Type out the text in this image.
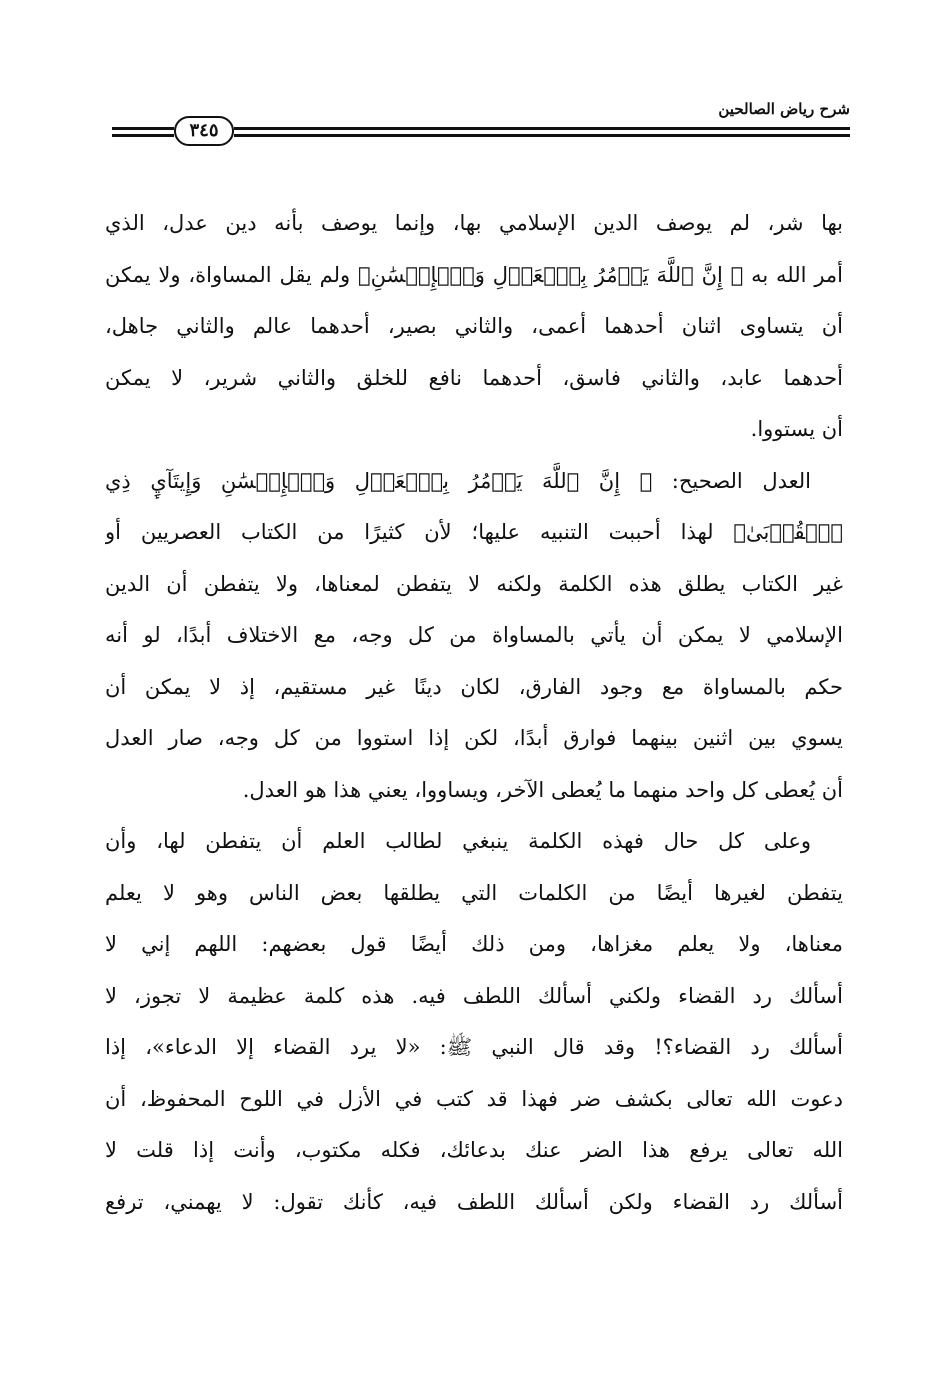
شرح رياض الصالحين
٣٤٥
بها شر، لم يوصف الدين الإسلامي بها، وإنما يوصف بأنه دين عدل، الذي
أمر الله به ﴿ إِنَّ ٱللَّهَ يَأۡمُرُ بِٱلۡعَدۡلِ وَٱلۡإِحۡسَٰنِ﴾ ولم يقل المساواة، ولا يمكن
أن يتساوى اثنان أحدهما أعمى، والثاني بصير، أحدهما عالم والثاني جاهل،
أحدهما عابد، والثاني فاسق، أحدهما نافع للخلق والثاني شرير، لا يمكن
أن يستووا.
العدل الصحيح: ﴿ إِنَّ ٱللَّهَ يَأۡمُرُ بِٱلۡعَدۡلِ وَٱلۡإِحۡسَٰنِ وَإِيتَآيِٕ ذِي
ٱلۡقُرۡبَىٰ﴾ لهذا أحببت التنبيه عليها؛ لأن كثيرًا من الكتاب العصريين أو
غير الكتاب يطلق هذه الكلمة ولكنه لا يتفطن لمعناها، ولا يتفطن أن الدين
الإسلامي لا يمكن أن يأتي بالمساواة من كل وجه، مع الاختلاف أبدًا، لو أنه
حكم بالمساواة مع وجود الفارق، لكان دينًا غير مستقيم، إذ لا يمكن أن
يسوي بين اثنين بينهما فوارق أبدًا، لكن إذا استووا من كل وجه، صار العدل
أن يُعطى كل واحد منهما ما يُعطى الآخر، ويساووا، يعني هذا هو العدل.
وعلى كل حال فهذه الكلمة ينبغي لطالب العلم أن يتفطن لها، وأن
يتفطن لغيرها أيضًا من الكلمات التي يطلقها بعض الناس وهو لا يعلم
معناها، ولا يعلم مغزاها، ومن ذلك أيضًا قول بعضهم: اللهم إني لا
أسألك رد القضاء ولكني أسألك اللطف فيه. هذه كلمة عظيمة لا تجوز، لا
أسألك رد القضاء؟! وقد قال النبي ﷺ: «لا يرد القضاء إلا الدعاء»، إذا
دعوت الله تعالى بكشف ضر فهذا قد كتب في الأزل في اللوح المحفوظ، أن
الله تعالى يرفع هذا الضر عنك بدعائك، فكله مكتوب، وأنت إذا قلت لا
أسألك رد القضاء ولكن أسألك اللطف فيه، كأنك تقول: لا يهمني، ترفع
